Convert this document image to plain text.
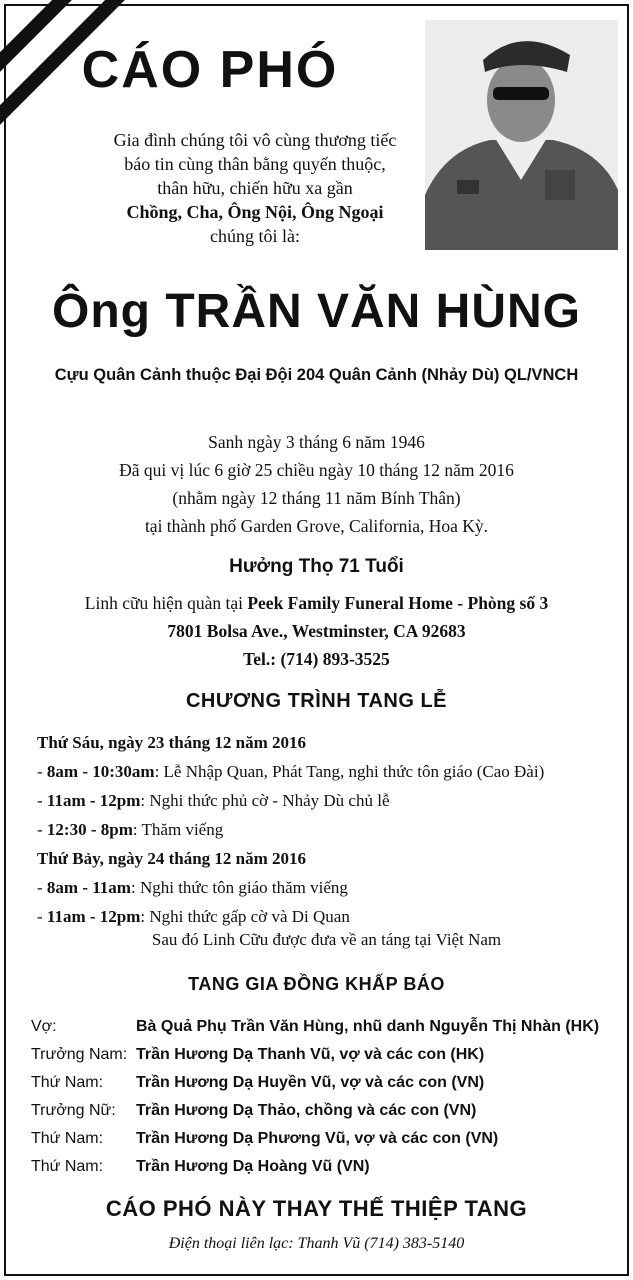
CÁO PHÓ
Gia đình chúng tôi vô cùng thương tiếc
báo tin cùng thân bằng quyến thuộc,
thân hữu, chiến hữu xa gần
Chồng, Cha, Ông Nội, Ông Ngoại
chúng tôi là:
Ông TRẦN VĂN HÙNG
Cựu Quân Cảnh thuộc Đại Đội 204 Quân Cảnh (Nhảy Dù) QL/VNCH
Sanh ngày 3 tháng 6 năm 1946
Đã qui vị lúc 6 giờ 25 chiều ngày 10 tháng 12 năm 2016
(nhằm ngày 12 tháng 11 năm Bính Thân)
tại thành phố Garden Grove, California, Hoa Kỳ.
Hưởng Thọ 71 Tuổi
Linh cữu hiện quàn tại Peek Family Funeral Home - Phòng số 3
7801 Bolsa Ave., Westminster, CA 92683
Tel.: (714) 893-3525
CHƯƠNG TRÌNH TANG LỄ
Thứ Sáu, ngày 23 tháng 12 năm 2016
- 8am - 10:30am: Lễ Nhập Quan, Phát Tang, nghi thức tôn giáo (Cao Đài)
- 11am - 12pm: Nghi thức phủ cờ - Nhảy Dù chủ lễ
- 12:30 - 8pm: Thăm viếng
Thứ Bảy, ngày 24 tháng 12 năm 2016
- 8am - 11am: Nghi thức tôn giáo thăm viếng
- 11am - 12pm: Nghi thức gấp cờ và Di Quan
Sau đó Linh Cữu được đưa về an táng tại Việt Nam
TANG GIA ĐỒNG KHẤP BÁO
Vợ:	Bà Quả Phụ Trần Văn Hùng, nhũ danh Nguyễn Thị Nhàn (HK)
Trưởng Nam: Trần Hương Dạ Thanh Vũ, vợ và các con (HK)
Thứ Nam:	Trần Hương Dạ Huyền Vũ, vợ và các con (VN)
Trưởng Nữ:	Trần Hương Dạ Thảo, chồng và các con (VN)
Thứ Nam:	Trần Hương Dạ Phương Vũ, vợ và các con (VN)
Thứ Nam:	Trần Hương Dạ Hoàng Vũ (VN)
CÁO PHÓ NÀY THAY THẾ THIỆP TANG
Điện thoại liên lạc: Thanh Vũ (714) 383-5140
